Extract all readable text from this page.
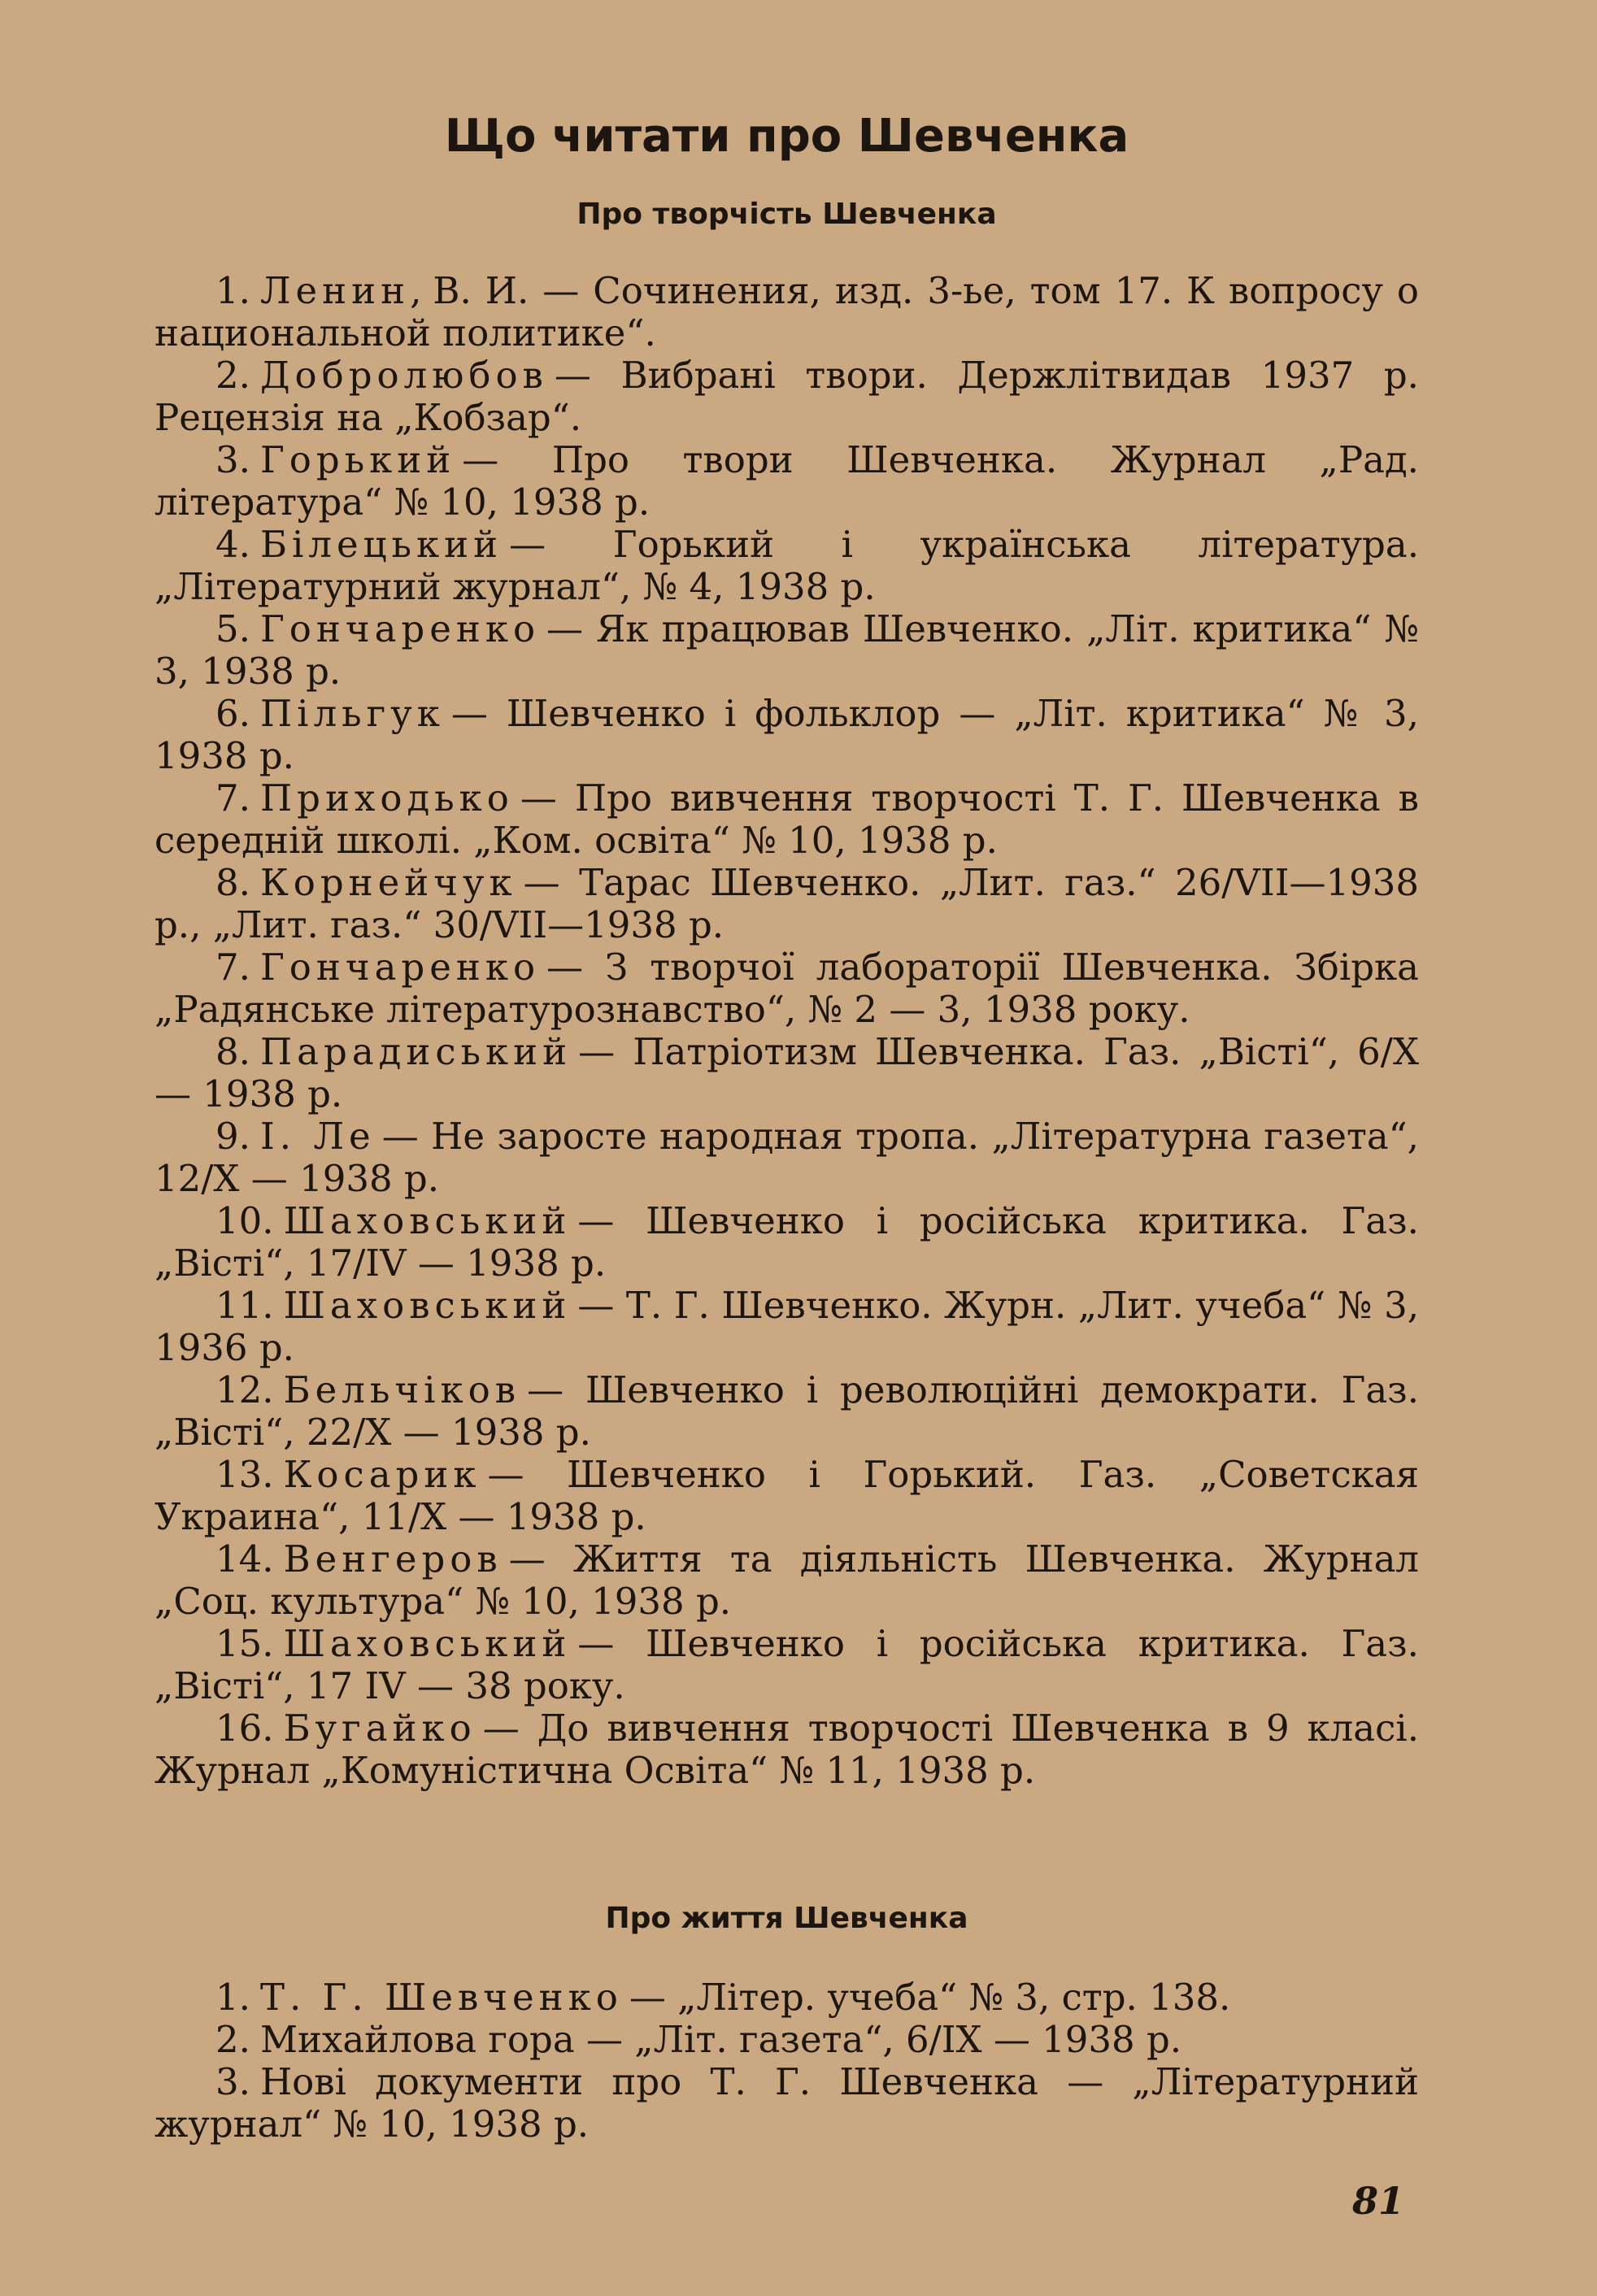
Що читати про Шевченка
Про творчість Шевченка
1. Ленин, В. И. — Сочинения, изд. 3-ье, том 17. К вопросу о национальной политике“.
2. Добролюбов — Вибрані твори. Держлітвидав 1937 р. Рецензія на „Кобзар“.
3. Горький — Про твори Шевченка. Журнал „Рад. література“ № 10, 1938 р.
4. Білецький — Горький і українська література. „Літературний журнал“, № 4, 1938 р.
5. Гончаренко — Як працював Шевченко. „Літ. критика“ № 3, 1938 р.
6. Пільгук — Шевченко і фольклор — „Літ. критика“ № 3, 1938 р.
7. Приходько — Про вивчення творчості Т. Г. Шевченка в середній школі. „Ком. освіта“ № 10, 1938 р.
8. Корнейчук — Тарас Шевченко. „Лит. газ.“ 26/VII—1938 р., „Лит. газ.“ 30/VII—1938 р.
7. Гончаренко — З творчої лабораторії Шевченка. Збірка „Радянське літературознавство“, № 2 — 3, 1938 року.
8. Парадиський — Патріотизм Шевченка. Газ. „Вісті“, 6/X — 1938 р.
9. І. Ле — Не заросте народная тропа. „Літературна газета“, 12/X — 1938 р.
10. Шаховський — Шевченко і російська критика. Газ. „Вісті“, 17/IV — 1938 р.
11. Шаховський — Т. Г. Шевченко. Журн. „Лит. учеба“ № 3, 1936 р.
12. Бельчіков — Шевченко і революційні демократи. Газ. „Вісті“, 22/X — 1938 р.
13. Косарик — Шевченко і Горький. Газ. „Советская Украина“, 11/X — 1938 р.
14. Венгеров — Життя та діяльність Шевченка. Журнал „Соц. культура“ № 10, 1938 р.
15. Шаховський — Шевченко і російська критика. Газ. „Вісті“, 17 IV — 38 року.
16. Бугайко — До вивчення творчості Шевченка в 9 класі. Журнал „Комуністична Освіта“ № 11, 1938 р.
Про життя Шевченка
1. Т. Г. Шевченко — „Літер. учеба“ № 3, стр. 138.
2. Михайлова гора — „Літ. газета“, 6/IX — 1938 р.
3. Нові документи про Т. Г. Шевченка — „Літературний журнал“ № 10, 1938 р.
81
